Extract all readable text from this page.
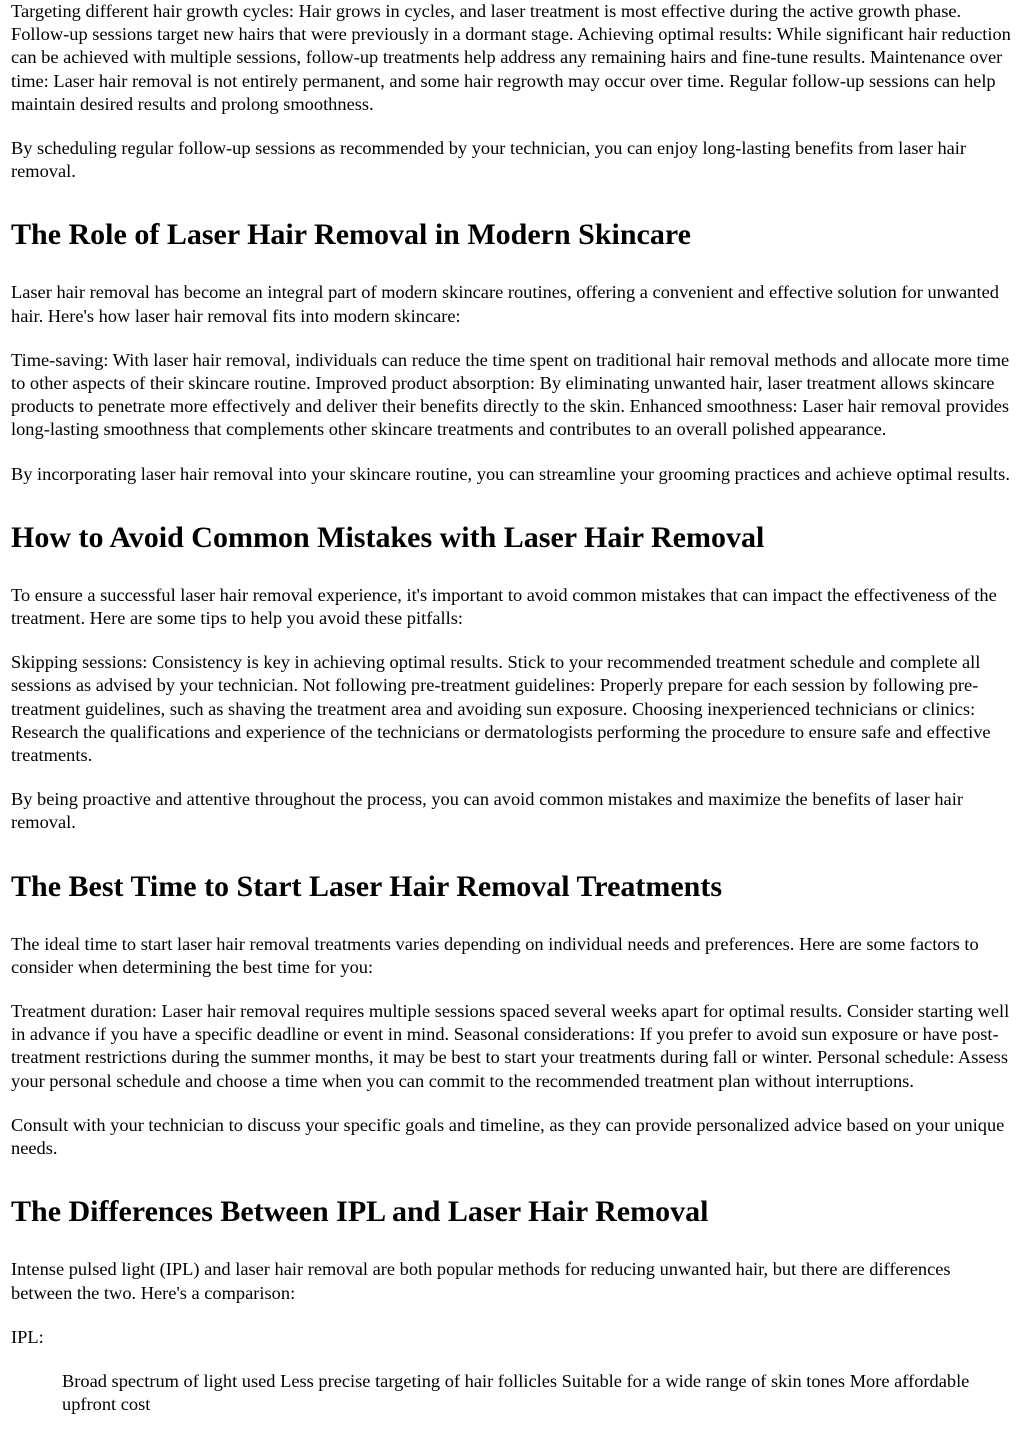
Targeting different hair growth cycles: Hair grows in cycles, and laser treatment is most effective during the active growth phase. Follow-up sessions target new hairs that were previously in a dormant stage. Achieving optimal results: While significant hair reduction can be achieved with multiple sessions, follow-up treatments help address any remaining hairs and fine-tune results. Maintenance over time: Laser hair removal is not entirely permanent, and some hair regrowth may occur over time. Regular follow-up sessions can help maintain desired results and prolong smoothness.

By scheduling regular follow-up sessions as recommended by your technician, you can enjoy long-lasting benefits from laser hair removal.

The Role of Laser Hair Removal in Modern Skincare

Laser hair removal has become an integral part of modern skincare routines, offering a convenient and effective solution for unwanted hair. Here's how laser hair removal fits into modern skincare:

Time-saving: With laser hair removal, individuals can reduce the time spent on traditional hair removal methods and allocate more time to other aspects of their skincare routine. Improved product absorption: By eliminating unwanted hair, laser treatment allows skincare products to penetrate more effectively and deliver their benefits directly to the skin. Enhanced smoothness: Laser hair removal provides long-lasting smoothness that complements other skincare treatments and contributes to an overall polished appearance.

By incorporating laser hair removal into your skincare routine, you can streamline your grooming practices and achieve optimal results.

How to Avoid Common Mistakes with Laser Hair Removal

To ensure a successful laser hair removal experience, it's important to avoid common mistakes that can impact the effectiveness of the treatment. Here are some tips to help you avoid these pitfalls:

Skipping sessions: Consistency is key in achieving optimal results. Stick to your recommended treatment schedule and complete all sessions as advised by your technician. Not following pre-treatment guidelines: Properly prepare for each session by following pre-treatment guidelines, such as shaving the treatment area and avoiding sun exposure. Choosing inexperienced technicians or clinics: Research the qualifications and experience of the technicians or dermatologists performing the procedure to ensure safe and effective treatments.

By being proactive and attentive throughout the process, you can avoid common mistakes and maximize the benefits of laser hair removal.

The Best Time to Start Laser Hair Removal Treatments

The ideal time to start laser hair removal treatments varies depending on individual needs and preferences. Here are some factors to consider when determining the best time for you:

Treatment duration: Laser hair removal requires multiple sessions spaced several weeks apart for optimal results. Consider starting well in advance if you have a specific deadline or event in mind. Seasonal considerations: If you prefer to avoid sun exposure or have post-treatment restrictions during the summer months, it may be best to start your treatments during fall or winter. Personal schedule: Assess your personal schedule and choose a time when you can commit to the recommended treatment plan without interruptions.

Consult with your technician to discuss your specific goals and timeline, as they can provide personalized advice based on your unique needs.

The Differences Between IPL and Laser Hair Removal

Intense pulsed light (IPL) and laser hair removal are both popular methods for reducing unwanted hair, but there are differences between the two. Here's a comparison:

IPL:

Broad spectrum of light used Less precise targeting of hair follicles Suitable for a wide range of skin tones More affordable upfront cost
